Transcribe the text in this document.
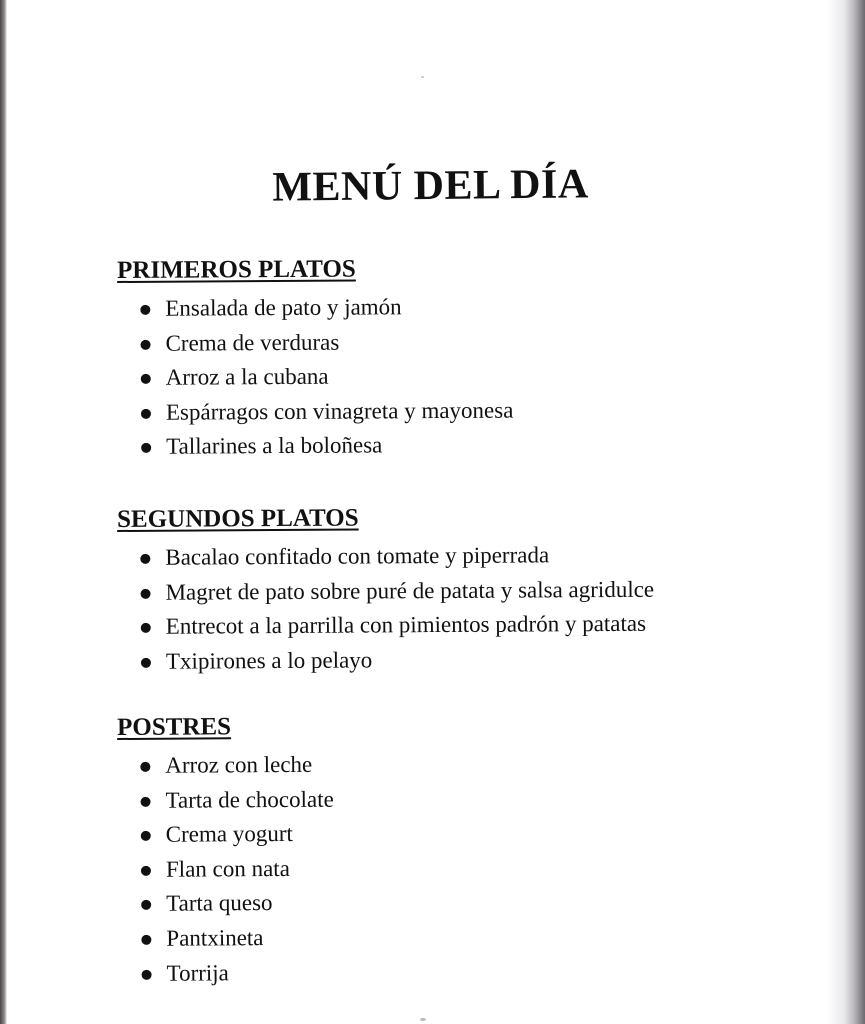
MENÚ DEL DÍA
PRIMEROS PLATOS
Ensalada de pato y jamón
Crema de verduras
Arroz a la cubana
Espárragos con vinagreta y mayonesa
Tallarines a la boloñesa
SEGUNDOS PLATOS
Bacalao confitado con tomate y piperrada
Magret de pato sobre puré de patata y salsa agridulce
Entrecot a la parrilla con pimientos padrón y patatas
Txipirones a lo pelayo
POSTRES
Arroz con leche
Tarta de chocolate
Crema yogurt
Flan con nata
Tarta queso
Pantxineta
Torrija
